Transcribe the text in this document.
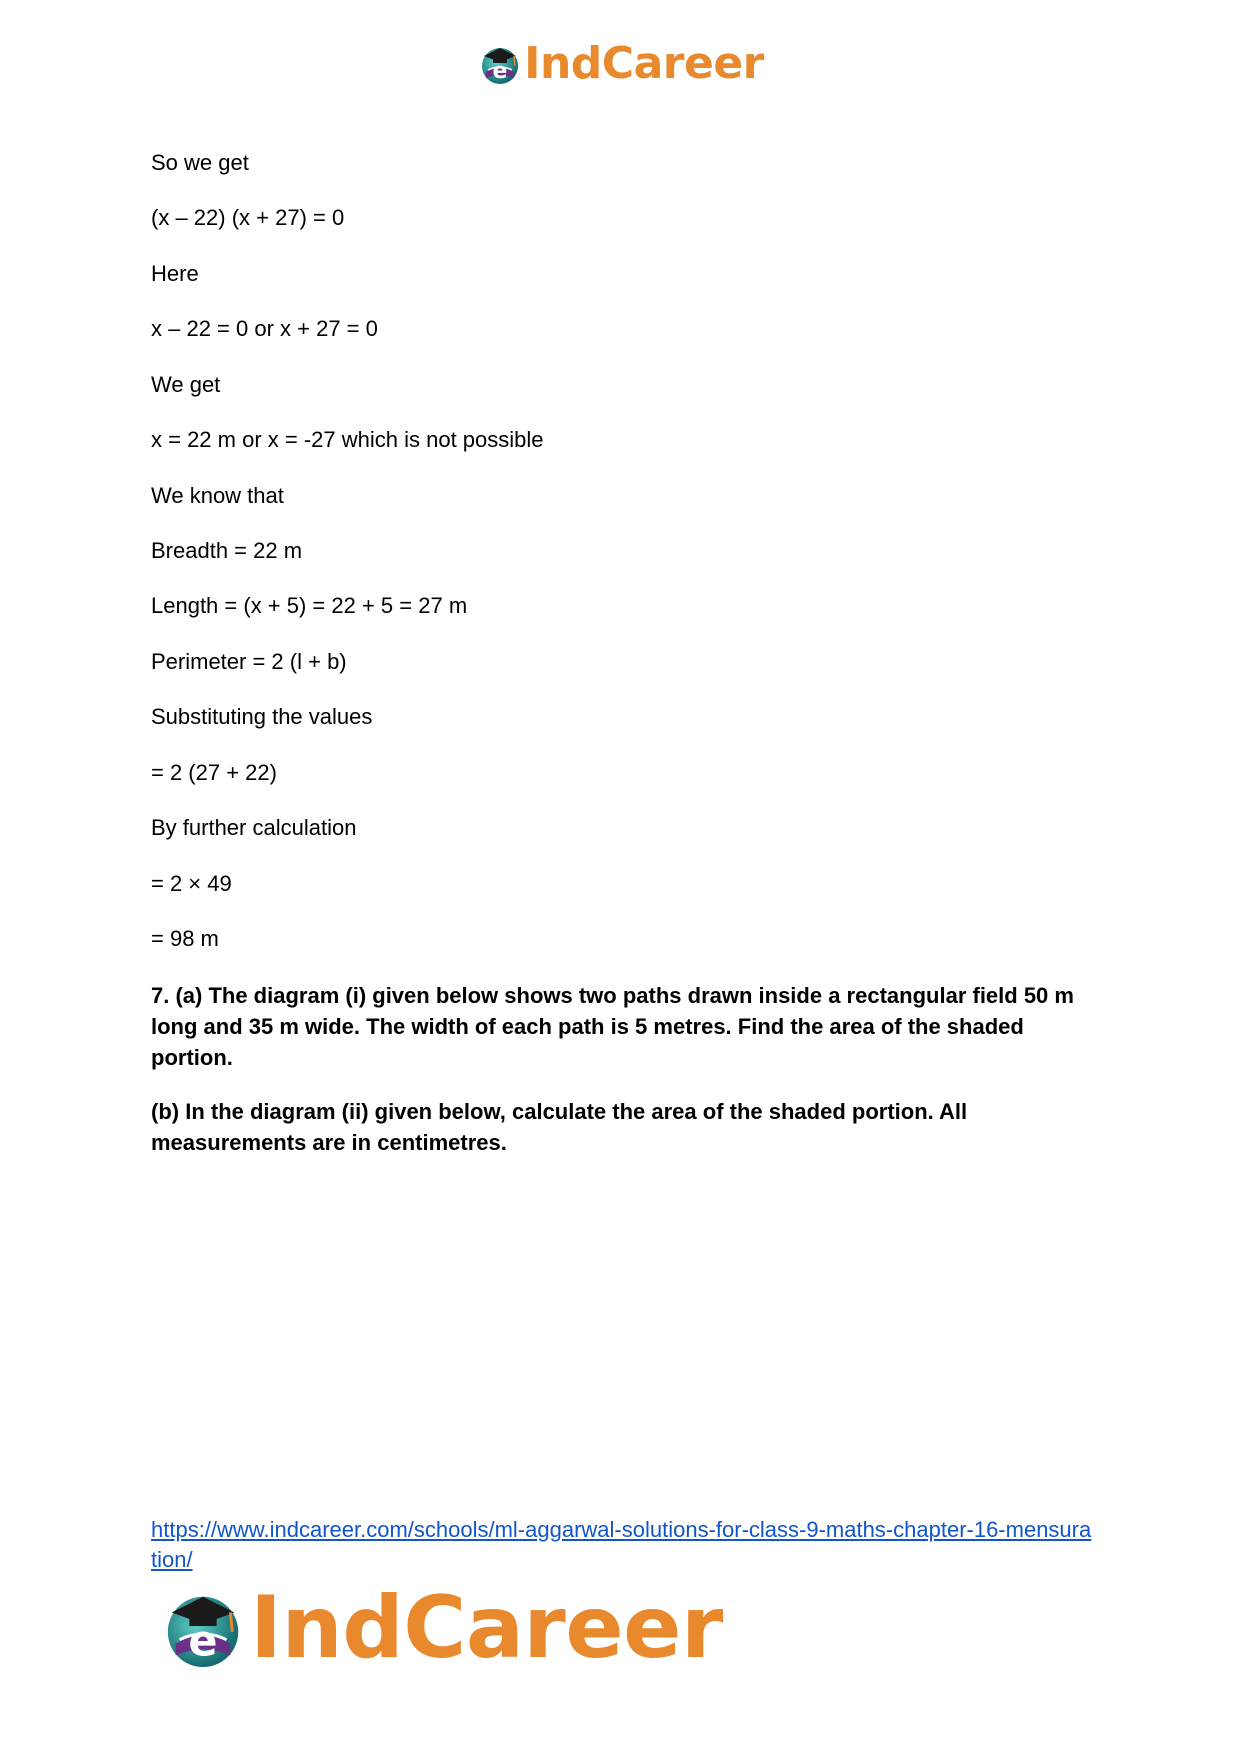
e IndCareer
So we get
(x – 22) (x + 27) = 0
Here
x – 22 = 0 or x + 27 = 0
We get
x = 22 m or x = -27 which is not possible
We know that
Breadth = 22 m
Length = (x + 5) = 22 + 5 = 27 m
Perimeter = 2 (l + b)
Substituting the values
= 2 (27 + 22)
By further calculation
= 2 × 49
= 98 m
7. (a) The diagram (i) given below shows two paths drawn inside a rectangular field 50 m long and 35 m wide. The width of each path is 5 metres. Find the area of the shaded portion.
(b) In the diagram (ii) given below, calculate the area of the shaded portion. All measurements are in centimetres.
https://www.indcareer.com/schools/ml-aggarwal-solutions-for-class-9-maths-chapter-16-mensuration/
e IndCareer
